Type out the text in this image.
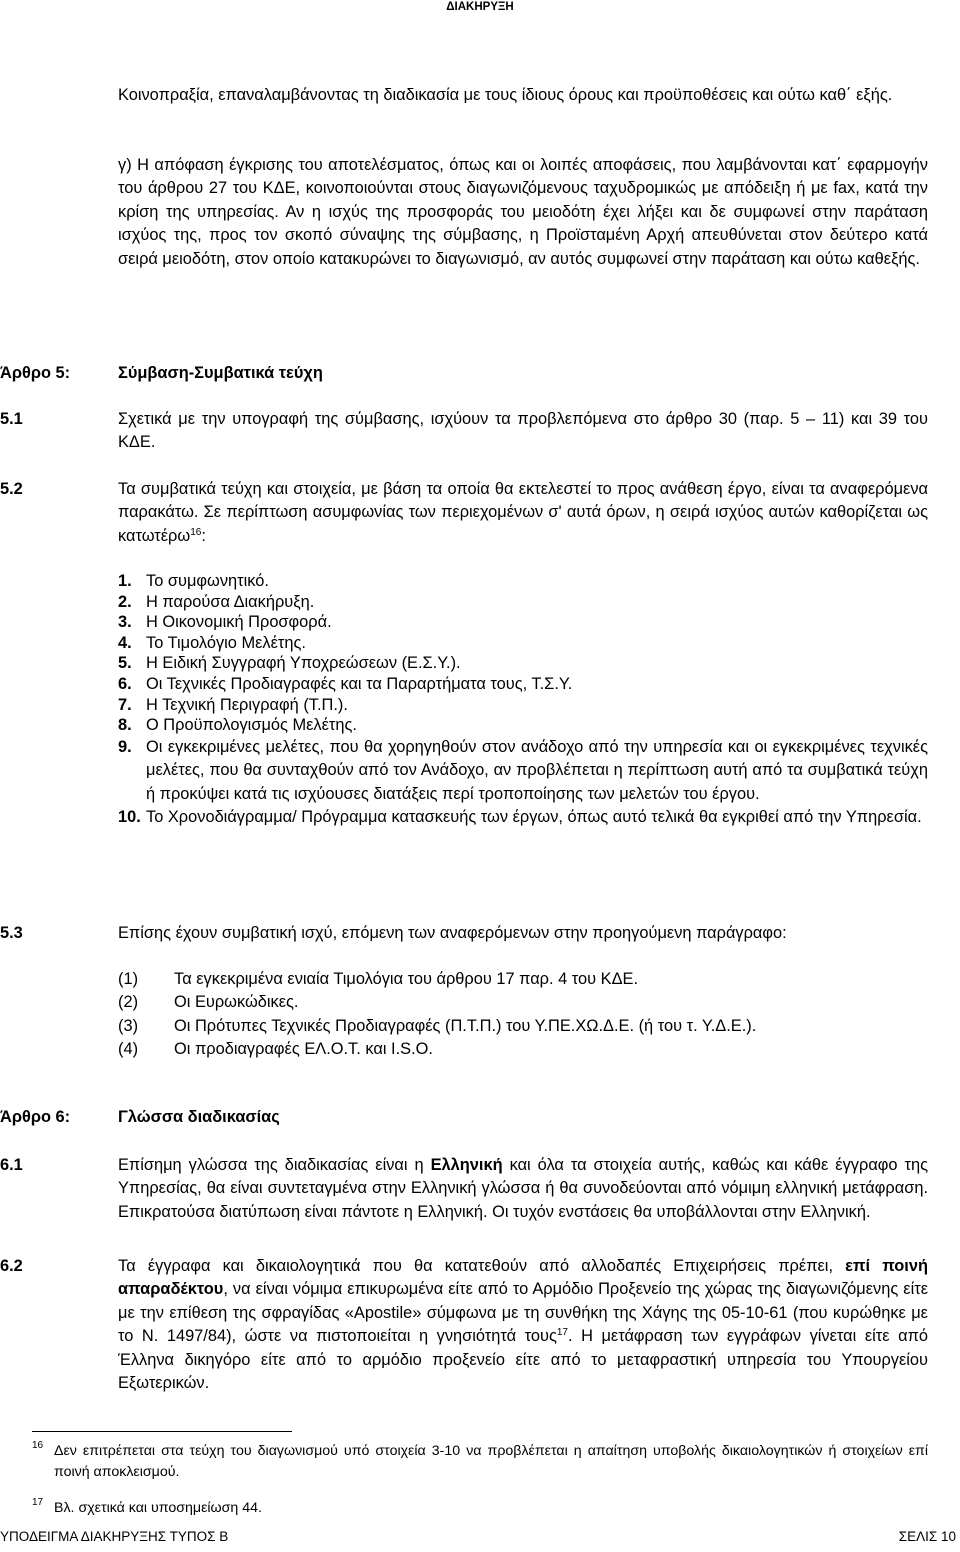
ΔΙΑΚΗΡΥΞΗ
Κοινοπραξία, επαναλαμβάνοντας τη διαδικασία με τους ίδιους όρους και προϋποθέσεις και ούτω καθ΄ εξής.
γ) Η απόφαση έγκρισης του αποτελέσματος, όπως και οι λοιπές αποφάσεις, που λαμβάνονται κατ΄ εφαρμογήν του άρθρου 27 του ΚΔΕ, κοινοποιούνται στους διαγωνιζόμενους ταχυδρομικώς με απόδειξη ή με fax, κατά την κρίση της υπηρεσίας. Αν η ισχύς της προσφοράς του μειοδότη έχει λήξει και δε συμφωνεί στην παράταση ισχύος της, προς τον σκοπό σύναψης της σύμβασης, η Προϊσταμένη Αρχή απευθύνεται στον δεύτερο κατά σειρά μειοδότη, στον οποίο κατακυρώνει το διαγωνισμό, αν αυτός συμφωνεί στην παράταση και ούτω καθεξής.
Άρθρο 5:	Σύμβαση-Συμβατικά τεύχη
5.1	Σχετικά με την υπογραφή της σύμβασης, ισχύουν τα προβλεπόμενα στο άρθρο 30 (παρ. 5 – 11) και 39 του ΚΔΕ.
5.2	Τα συμβατικά τεύχη και στοιχεία, με βάση τα οποία θα εκτελεστεί το προς ανάθεση έργο, είναι τα αναφερόμενα παρακάτω. Σε περίπτωση ασυμφωνίας των περιεχομένων σ' αυτά όρων, η σειρά ισχύος αυτών καθορίζεται ως κατωτέρω$^{16}$:
1. Το συμφωνητικό.
2. Η παρούσα Διακήρυξη.
3. Η Οικονομική Προσφορά.
4. Το Τιμολόγιο Μελέτης.
5. Η Ειδική Συγγραφή Υποχρεώσεων (Ε.Σ.Υ.).
6. Οι Τεχνικές Προδιαγραφές και τα Παραρτήματα τους, Τ.Σ.Υ.
7. Η Τεχνική Περιγραφή (Τ.Π.).
8. Ο Προϋπολογισμός Μελέτης.
9. Οι εγκεκριμένες μελέτες, που θα χορηγηθούν στον ανάδοχο από την υπηρεσία και οι εγκεκριμένες τεχνικές μελέτες, που θα συνταχθούν από τον Ανάδοχο, αν προβλέπεται η περίπτωση αυτή από τα συμβατικά τεύχη ή προκύψει κατά τις ισχύουσες διατάξεις περί τροποποίησης των μελετών του έργου.
10. Το Χρονοδιάγραμμα/ Πρόγραμμα κατασκευής των έργων, όπως αυτό τελικά θα εγκριθεί από την Υπηρεσία.
5.3	Επίσης έχουν συμβατική ισχύ, επόμενη των αναφερόμενων στην προηγούμενη παράγραφο:
(1) Τα εγκεκριμένα ενιαία Τιμολόγια του άρθρου 17 παρ. 4 του ΚΔΕ.
(2) Οι Ευρωκώδικες.
(3) Οι Πρότυπες Τεχνικές Προδιαγραφές (Π.Τ.Π.) του Υ.ΠΕ.ΧΩ.Δ.Ε. (ή του τ. Υ.Δ.Ε.).
(4) Οι προδιαγραφές ΕΛ.Ο.Τ. και I.S.O.
Άρθρο 6:	Γλώσσα διαδικασίας
6.1	Επίσημη γλώσσα της διαδικασίας είναι η Ελληνική και όλα τα στοιχεία αυτής, καθώς και κάθε έγγραφο της Υπηρεσίας, θα είναι συντεταγμένα στην Ελληνική γλώσσα ή θα συνοδεύονται από νόμιμη ελληνική μετάφραση. Επικρατούσα διατύπωση είναι πάντοτε η Ελληνική. Οι τυχόν ενστάσεις θα υποβάλλονται στην Ελληνική.
6.2	Τα έγγραφα και δικαιολογητικά που θα κατατεθούν από αλλοδαπές Επιχειρήσεις πρέπει, επί ποινή απαραδέκτου, να είναι νόμιμα επικυρωμένα είτε από το Αρμόδιο Προξενείο της χώρας της διαγωνιζόμενης είτε με την επίθεση της σφραγίδας «Apostile» σύμφωνα με τη συνθήκη της Χάγης της 05-10-61 (που κυρώθηκε με το Ν. 1497/84), ώστε να πιστοποιείται η γνησιότητά τους$^{17}$. Η μετάφραση των εγγράφων γίνεται είτε από Έλληνα δικηγόρο είτε από το αρμόδιο προξενείο είτε από το μεταφραστική υπηρεσία του Υπουργείου Εξωτερικών.
16 Δεν επιτρέπεται στα τεύχη του διαγωνισμού υπό στοιχεία 3-10 να προβλέπεται η απαίτηση υποβολής δικαιολογητικών ή στοιχείων επί ποινή αποκλεισμού.
17 Βλ. σχετικά και υποσημείωση 44.
ΥΠΟΔΕΙΓΜΑ ΔΙΑΚΗΡΥΞΗΣ ΤΥΠΟΣ Β	ΣΕΛΙΣ 10
